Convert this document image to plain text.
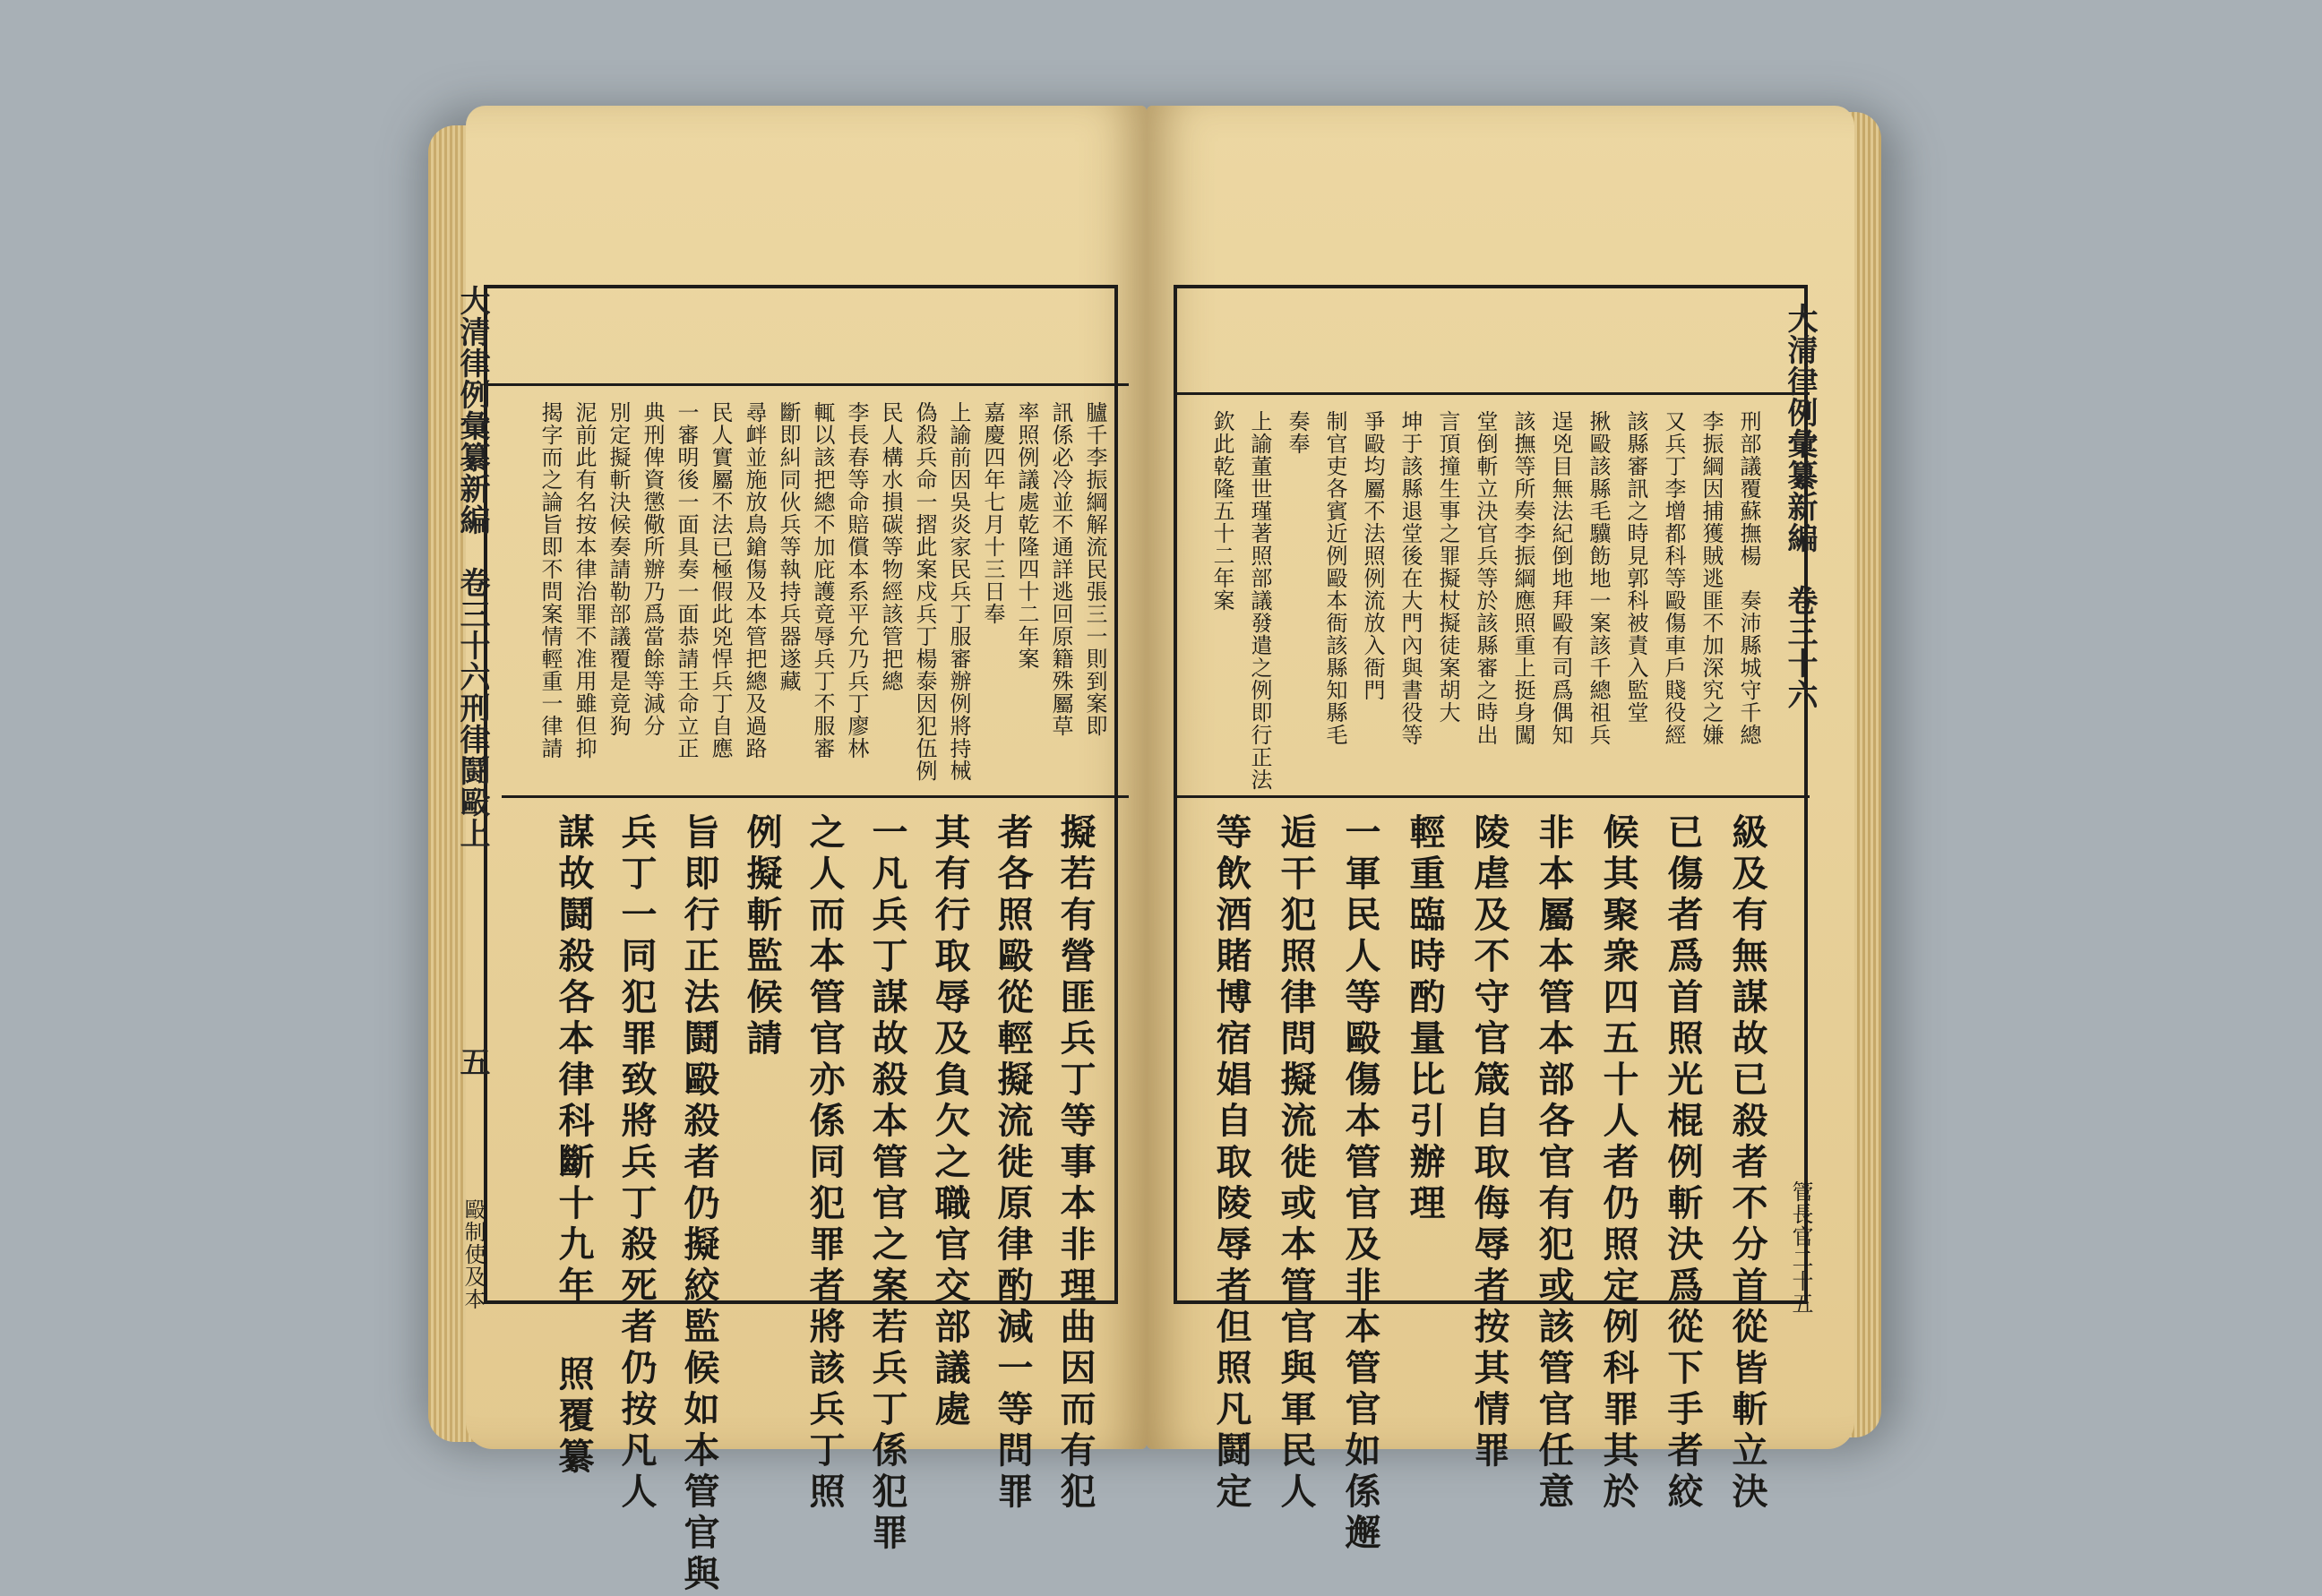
大清律例彙纂新編　卷三十六刑律鬪毆上
五
毆制使及本
臚千李振綱解流民張三一則到案即
訊係必冷並不通詳逃回原籍殊屬草
率照例議處乾隆四十二年案
嘉慶四年七月十三日奉
上諭前因吳炎家民兵丁服審辦例將持械
偽殺兵命一摺此案戍兵丁楊泰因犯伍例
民人構水損碳等物經該管把總
李長春等命賠償本系平允乃兵丁廖林
輒以該把總不加庇護竟辱兵丁不服審
斷即糾同伙兵等執持兵器遂藏
尋衅並施放鳥鎗傷及本管把總及過路
民人實屬不法已極假此兇悍兵丁自應
一審明後一面具奏一面恭請王命立正
典刑俾資懲儆所辦乃爲當餘等減分
別定擬斬決候奏請勒部議覆是竟狗
泥前此有名按本律治罪不准用雖但抑
揭字而之論旨即不問案情輕重一律請
擬若有營匪兵丁等事本非理曲因而有犯
者各照毆從輕擬流徙原律酌減一等問罪
其有行取辱及負欠之職官交部議處
一凡兵丁謀故殺本管官之案若兵丁係犯罪
之人而本管官亦係同犯罪者將該兵丁照
例擬斬監候請
旨即行正法鬪毆殺者仍擬絞監候如本管官與
兵丁一同犯罪致將兵丁殺死者仍按凡人
謀故鬪殺各本律科斷十九年 照覆纂
大清律例彙纂新編　卷三十六
管長官二十五
刑部議覆蘇撫楊　奏沛縣城守千總
李振綱因捕獲賊逃匪不加深究之嫌
又兵丁李增都科等毆傷車戶賤役經
該縣審訊之時見郭科被責入監堂
揪毆該縣毛驥飭地一案該千總祖兵
逞兇目無法紀倒地拜毆有司爲偶知
該撫等所奏李振綱應照重上挺身闖
堂倒斬立決官兵等於該縣審之時出
言頂撞生事之罪擬杖擬徒案胡大
坤于該縣退堂後在大門內與書役等
爭毆均屬不法照例流放入衙門
制官吏各賓近例毆本衙該縣知縣毛
奏奉
上諭董世瑾著照部議發遣之例即行正法
欽此乾隆五十二年案
級及有無謀故已殺者不分首從皆斬立決
已傷者爲首照光棍例斬決爲從下手者絞
候其聚衆四五十人者仍照定例科罪其於
非本屬本管本部各官有犯或該管官任意
陵虐及不守官箴自取侮辱者按其情罪
輕重臨時酌量比引辦理
一軍民人等毆傷本管官及非本管官如係邂
逅干犯照律問擬流徙或本管官與軍民人
等飲酒賭博宿娼自取陵辱者但照凡鬪定
